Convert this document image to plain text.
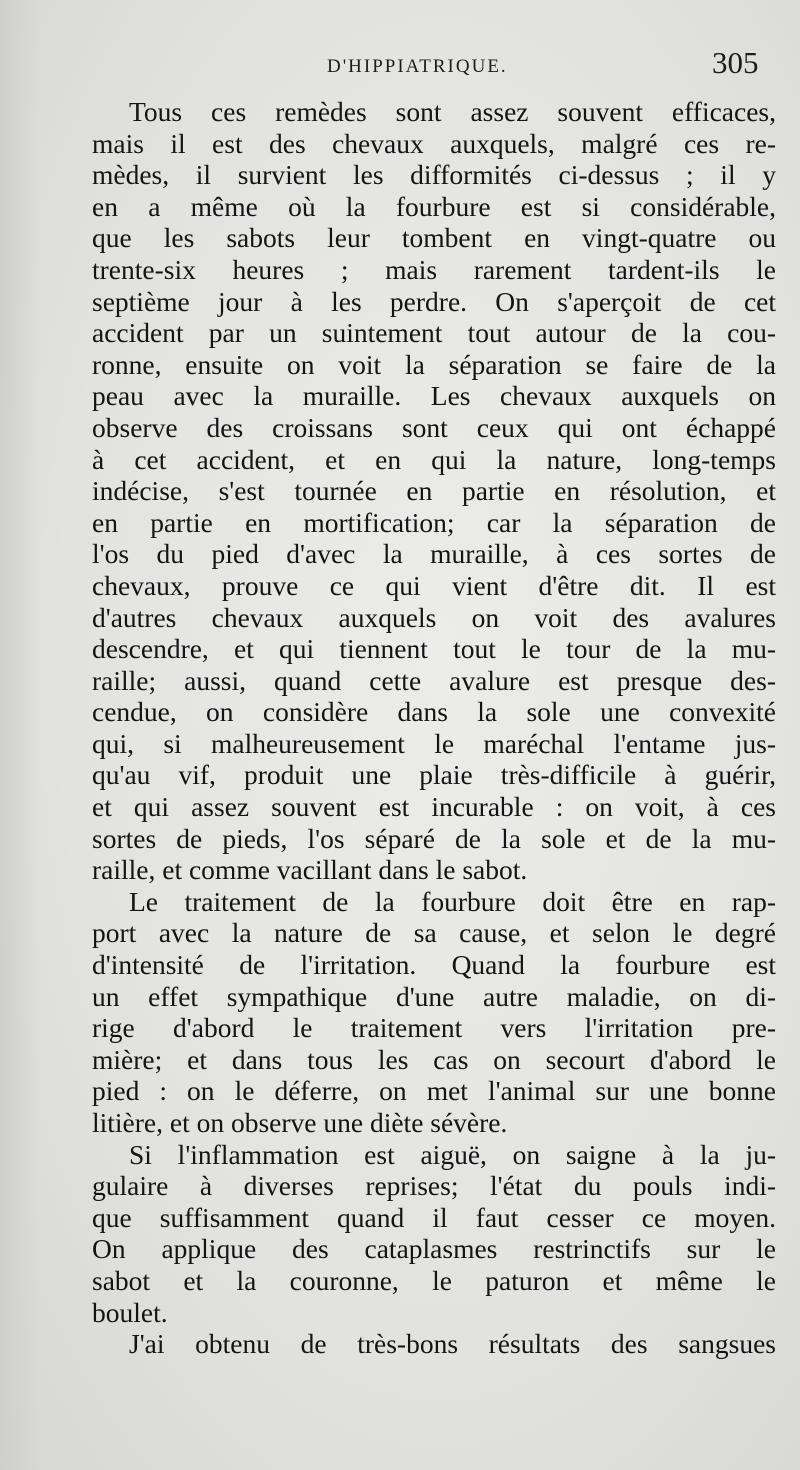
D'HIPPIATRIQUE.	305
Tous ces remèdes sont assez souvent efficaces,
mais il est des chevaux auxquels, malgré ces re-
mèdes, il survient les difformités ci-dessus ; il y
en a même où la fourbure est si considérable,
que les sabots leur tombent en vingt-quatre ou
trente-six heures ; mais rarement tardent-ils le
septième jour à les perdre. On s'aperçoit de cet
accident par un suintement tout autour de la cou-
ronne, ensuite on voit la séparation se faire de la
peau avec la muraille. Les chevaux auxquels on
observe des croissans sont ceux qui ont échappé
à cet accident, et en qui la nature, long-temps
indécise, s'est tournée en partie en résolution, et
en partie en mortification; car la séparation de
l'os du pied d'avec la muraille, à ces sortes de
chevaux, prouve ce qui vient d'être dit. Il est
d'autres chevaux auxquels on voit des avalures
descendre, et qui tiennent tout le tour de la mu-
raille; aussi, quand cette avalure est presque des-
cendue, on considère dans la sole une convexité
qui, si malheureusement le maréchal l'entame jus-
qu'au vif, produit une plaie très-difficile à guérir,
et qui assez souvent est incurable : on voit, à ces
sortes de pieds, l'os séparé de la sole et de la mu-
raille, et comme vacillant dans le sabot.
Le traitement de la fourbure doit être en rap-
port avec la nature de sa cause, et selon le degré
d'intensité de l'irritation. Quand la fourbure est
un effet sympathique d'une autre maladie, on di-
rige d'abord le traitement vers l'irritation pre-
mière; et dans tous les cas on secourt d'abord le
pied : on le déferre, on met l'animal sur une bonne
litière, et on observe une diète sévère.
Si l'inflammation est aiguë, on saigne à la ju-
gulaire à diverses reprises; l'état du pouls indi-
que suffisamment quand il faut cesser ce moyen.
On applique des cataplasmes restrinctifs sur le
sabot et la couronne, le paturon et même le
boulet.
J'ai obtenu de très-bons résultats des sangsues
